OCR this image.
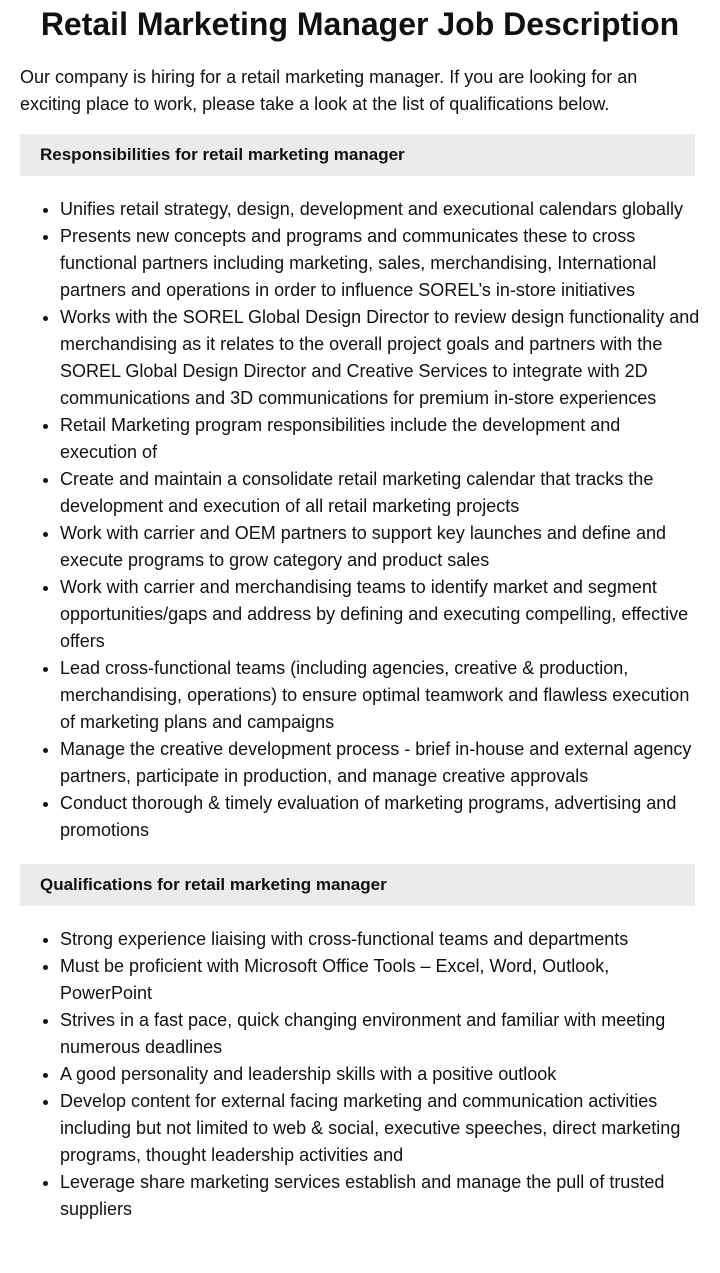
Retail Marketing Manager Job Description

Our company is hiring for a retail marketing manager. If you are looking for an exciting place to work, please take a look at the list of qualifications below.

Responsibilities for retail marketing manager
• Unifies retail strategy, design, development and executional calendars globally
• Presents new concepts and programs and communicates these to cross functional partners including marketing, sales, merchandising, International partners and operations in order to influence SOREL’s in-store initiatives
• Works with the SOREL Global Design Director to review design functionality and merchandising as it relates to the overall project goals and partners with the SOREL Global Design Director and Creative Services to integrate with 2D communications and 3D communications for premium in-store experiences
• Retail Marketing program responsibilities include the development and execution of
• Create and maintain a consolidate retail marketing calendar that tracks the development and execution of all retail marketing projects
• Work with carrier and OEM partners to support key launches and define and execute programs to grow category and product sales
• Work with carrier and merchandising teams to identify market and segment opportunities/gaps and address by defining and executing compelling, effective offers
• Lead cross-functional teams (including agencies, creative & production, merchandising, operations) to ensure optimal teamwork and flawless execution of marketing plans and campaigns
• Manage the creative development process - brief in-house and external agency partners, participate in production, and manage creative approvals
• Conduct thorough & timely evaluation of marketing programs, advertising and promotions
Qualifications for retail marketing manager
• Strong experience liaising with cross-functional teams and departments
• Must be proficient with Microsoft Office Tools – Excel, Word, Outlook, PowerPoint
• Strives in a fast pace, quick changing environment and familiar with meeting numerous deadlines
• A good personality and leadership skills with a positive outlook
• Develop content for external facing marketing and communication activities including but not limited to web & social, executive speeches, direct marketing programs, thought leadership activities and
• Leverage share marketing services establish and manage the pull of trusted suppliers
